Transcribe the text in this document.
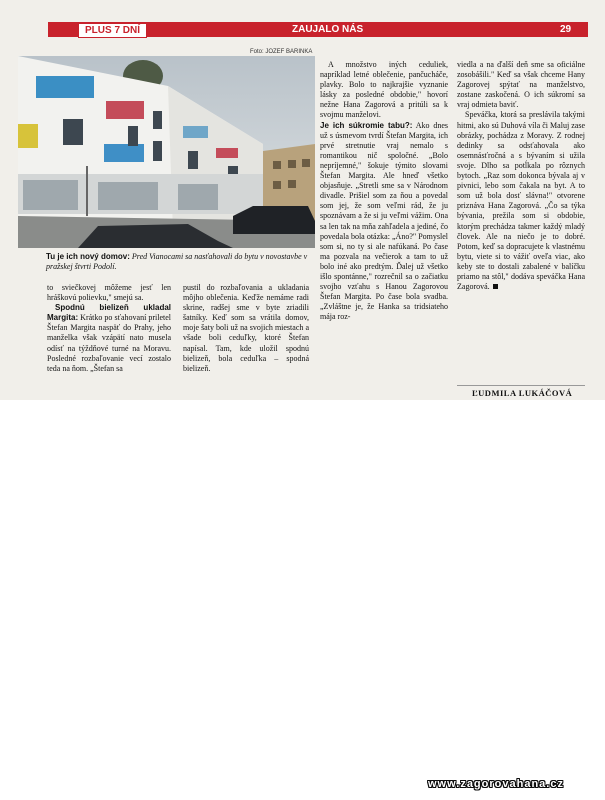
PLUS 7 DNÍ	ZAUJALO NÁS	29
Foto: JOZEF BARINKA
Tu je ich nový domov: Pred Vianocami sa nasťahovali do bytu v novostavbe v pražskej štvrti Podolí.

to sviečkovej môžeme jesť len hráškovú polievku," smejú sa.

Spodnú bielizeň ukladal Margita: Krátko po sťahovaní priletel Štefan Margita naspäť do Prahy, jeho manželka však vzápätí nato musela odísť na týždňové turné na Moravu. Posledné rozbaľovanie vecí zostalo teda na ňom. „Štefan sa

pustil do rozbaľovania a ukladania môjho oblečenia. Keďže nemáme radi skrine, radšej sme v byte zriadili šatníky. Keď som sa vrátila domov, moje šaty boli už na svojich miestach a všade boli ceduľky, ktoré Štefan napísal. Tam, kde uložil spodnú bielizeň, bola ceduľka – spodná bielizeň.

A množstvo iných ceduliek, napríklad letné oblečenie, pančucháče, plavky. Bolo to najkrajšie vyznanie lásky za posledné obdobie," hovorí nežne Hana Zagorová a pritúli sa k svojmu manželovi.

Je ich súkromie tabu?: Ako dnes už s úsmevom tvrdí Štefan Margita, ich prvé stretnutie vraj nemalo s romantikou nič spoločné. „Bolo nepríjemné," šokuje týmito slovami Štefan Margita. Ale hneď všetko objasňuje. „Stretli sme sa v Národnom divadle. Prišiel som za ňou a povedal som jej, že som veľmi rád, že ju spoznávam a že si ju veľmi vážim. Ona sa len tak na mňa zahľadela a jediné, čo povedala bola otázka: „Áno?" Pomyslel som si, no ty si ale nafúkaná. Po čase ma pozvala na večierok a tam to už bolo iné ako predtým. Ďalej už všetko išlo spontánne," rozrečnil sa o začiatku svojho vzťahu s Hanou Zagorovou Štefan Margita. Po čase bola svadba. „Zvláštne je, že Hanka sa tridsiateho mája roz-

viedla a na ďalší deň sme sa oficiálne zosobášili." Keď sa však chceme Hany Zagorovej spýtať na manželstvo, zostane zaskočená. O ich súkromí sa vraj odmieta baviť.

Speváčka, ktorá sa preslávila takými hitmi, ako sú Duhová víla či Maluj zase obrázky, pochádza z Moravy. Z rodnej dedinky sa odsťahovala ako osemnásťročná a s bývaním si užila svoje. Dlho sa potĺkala po rôznych bytoch. „Raz som dokonca bývala aj v pivnici, lebo som čakala na byt. A to som už bola dosť slávna!" otvorene priznáva Hana Zagorová. „Čo sa týka bývania, prežila som si obdobie, ktorým prechádza takmer každý mladý človek. Ale na niečo je to dobré. Potom, keď sa dopracujete k vlastnému bytu, viete si to vážiť oveľa viac, ako keby ste to dostali zabalené v balíčku priamo na stôl," dodáva speváčka Hana Zagorová.

ĽUDMILA LUKÁČOVÁ
www.zagorovahana.cz
